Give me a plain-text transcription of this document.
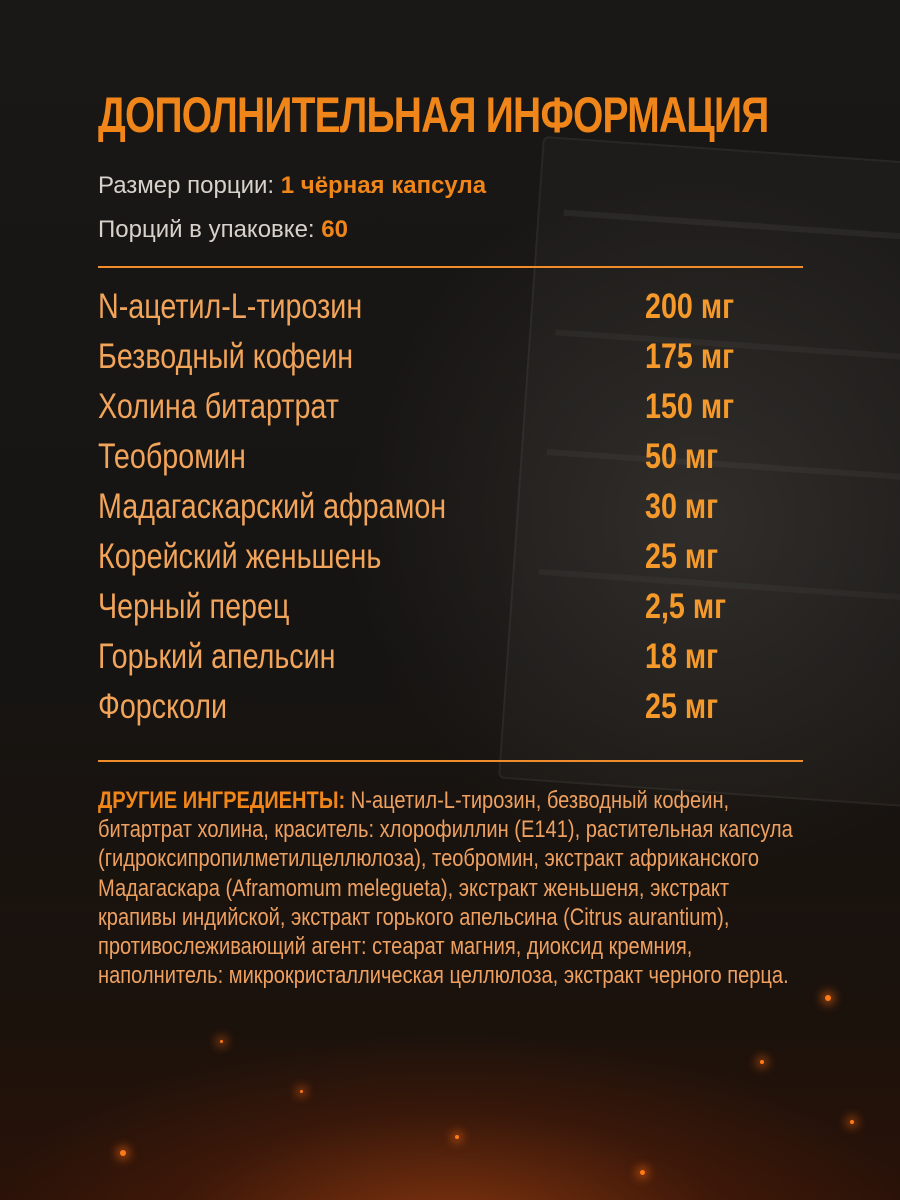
ДОПОЛНИТЕЛЬНАЯ ИНФОРМАЦИЯ
Размер порции: 1 чёрная капсула
Порций в упаковке: 60
N-ацетил-L-тирозин	200 мг
Безводный кофеин	175 мг
Холина битартрат	150 мг
Теобромин	50 мг
Мадагаскарский афрамон	30 мг
Корейский женьшень	25 мг
Черный перец	2,5 мг
Горький апельсин	18 мг
Форсколи	25 мг

ДРУГИЕ ИНГРЕДИЕНТЫ: N-ацетил-L-тирозин, безводный кофеин, битартрат холина, краситель: хлорофиллин (Е141), растительная капсула (гидроксипропилметилцеллюлоза), теобромин, экстракт африканского Мадагаскара (Aframomum melegueta), экстракт женьшеня, экстракт крапивы индийской, экстракт горького апельсина (Citrus aurantium), противослеживающий агент: стеарат магния, диоксид кремния, наполнитель: микрокристаллическая целлюлоза, экстракт черного перца.
